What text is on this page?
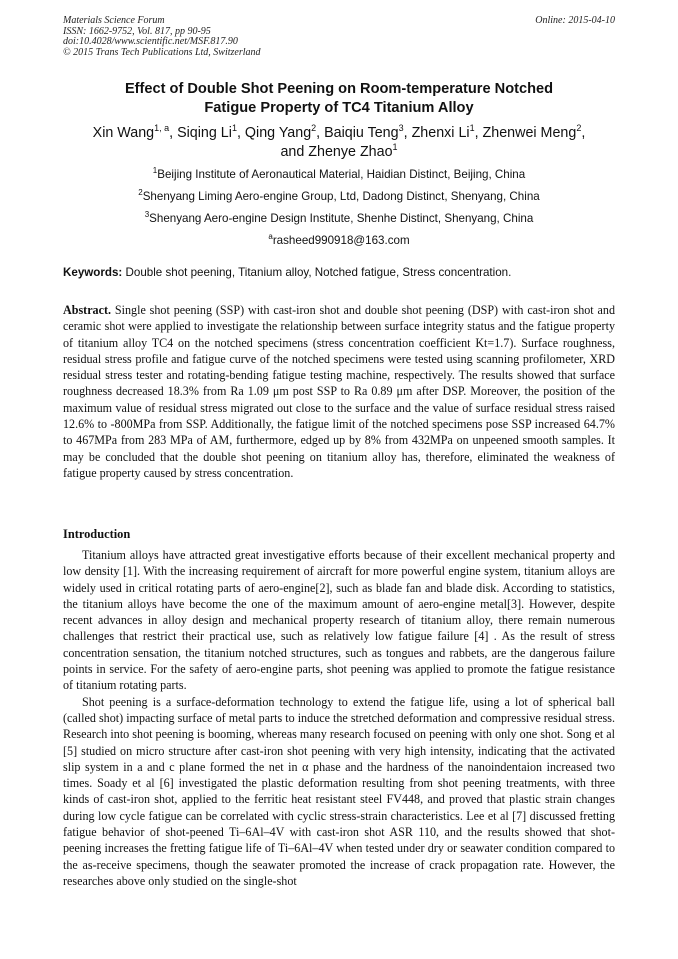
Materials Science Forum
ISSN: 1662-9752, Vol. 817, pp 90-95
doi:10.4028/www.scientific.net/MSF.817.90
© 2015 Trans Tech Publications Ltd, Switzerland
Online: 2015-04-10
Effect of Double Shot Peening on Room-temperature Notched
Fatigue Property of TC4 Titanium Alloy
Xin Wang$^{1, a}$, Siqing Li$^1$, Qing Yang$^2$, Baiqiu Teng$^3$, Zhenxi Li$^1$, Zhenwei Meng$^2$,
and Zhenye Zhao$^1$
$^1$Beijing Institute of Aeronautical Material, Haidian Distinct, Beijing, China
$^2$Shenyang Liming Aero-engine Group, Ltd, Dadong Distinct, Shenyang, China
$^3$Shenyang Aero-engine Design Institute, Shenhe Distinct, Shenyang, China
$^a$rasheed990918@163.com
Keywords: Double shot peening, Titanium alloy, Notched fatigue, Stress concentration.

Abstract. Single shot peening (SSP) with cast-iron shot and double shot peening (DSP) with cast-iron shot and ceramic shot were applied to investigate the relationship between surface integrity status and the fatigue property of titanium alloy TC4 on the notched specimens (stress concentration coefficient Kt=1.7). Surface roughness, residual stress profile and fatigue curve of the notched specimens were tested using scanning profilometer, XRD residual stress tester and rotating-bending fatigue testing machine, respectively. The results showed that surface roughness decreased 18.3% from Ra 1.09 μm post SSP to Ra 0.89 μm after DSP. Moreover, the position of the maximum value of residual stress migrated out close to the surface and the value of surface residual stress raised 12.6% to -800MPa from SSP. Additionally, the fatigue limit of the notched specimens pose SSP increased 64.7% to 467MPa from 283 MPa of AM, furthermore, edged up by 8% from 432MPa on unpeened smooth samples. It may be concluded that the double shot peening on titanium alloy has, therefore, eliminated the weakness of fatigue property caused by stress concentration.

Introduction

Titanium alloys have attracted great investigative efforts because of their excellent mechanical property and low density [1]. With the increasing requirement of aircraft for more powerful engine system, titanium alloys are widely used in critical rotating parts of aero-engine[2], such as blade fan and blade disk. According to statistics, the titanium alloys have become the one of the maximum amount of aero-engine metal[3]. However, despite recent advances in alloy design and mechanical property research of titanium alloy, there remain numerous challenges that restrict their practical use, such as relatively low fatigue failure [4] . As the result of stress concentration sensation, the titanium notched structures, such as tongues and rabbets, are the dangerous failure points in service. For the safety of aero-engine parts, shot peening was applied to promote the fatigue resistance of titanium rotating parts.

Shot peening is a surface-deformation technology to extend the fatigue life, using a lot of spherical ball (called shot) impacting surface of metal parts to induce the stretched deformation and compressive residual stress. Research into shot peening is booming, whereas many research focused on peening with only one shot. Song et al [5] studied on micro structure after cast-iron shot peening with very high intensity, indicating that the activated slip system in a and c plane formed the net in α phase and the hardness of the nanoindentaion increased two times. Soady et al [6] investigated the plastic deformation resulting from shot peening treatments, with three kinds of cast-iron shot, applied to the ferritic heat resistant steel FV448, and proved that plastic strain changes during low cycle fatigue can be correlated with cyclic stress-strain characteristics. Lee et al [7] discussed fretting fatigue behavior of shot-peened Ti–6Al–4V with cast-iron shot ASR 110, and the results showed that shot-peening increases the fretting fatigue life of Ti–6Al–4V when tested under dry or seawater condition compared to the as-receive specimens, though the seawater promoted the increase of crack propagation rate. However, the researches above only studied on the single-shot
